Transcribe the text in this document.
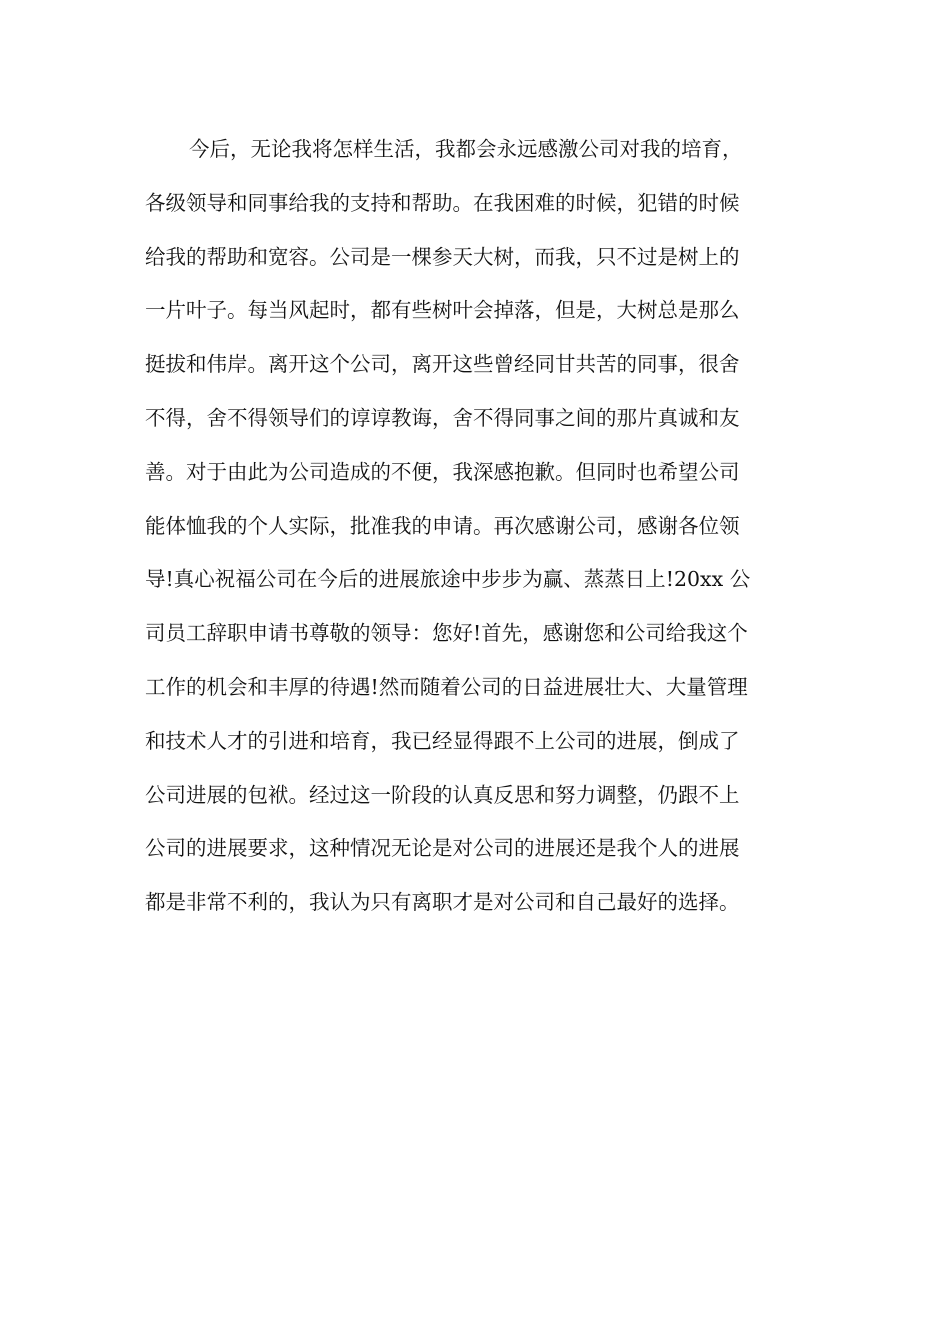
今后，无论我将怎样生活，我都会永远感激公司对我的培育，
各级领导和同事给我的支持和帮助。在我困难的时候，犯错的时候
给我的帮助和宽容。公司是一棵参天大树，而我，只不过是树上的
一片叶子。每当风起时，都有些树叶会掉落，但是，大树总是那么
挺拔和伟岸。离开这个公司，离开这些曾经同甘共苦的同事，很舍
不得，舍不得领导们的谆谆教诲，舍不得同事之间的那片真诚和友
善。对于由此为公司造成的不便，我深感抱歉。但同时也希望公司
能体恤我的个人实际，批准我的申请。再次感谢公司，感谢各位领
导!真心祝福公司在今后的进展旅途中步步为赢、蒸蒸日上!20xx 公
司员工辞职申请书尊敬的领导：您好!首先，感谢您和公司给我这个
工作的机会和丰厚的待遇!然而随着公司的日益进展壮大、大量管理
和技术人才的引进和培育，我已经显得跟不上公司的进展，倒成了
公司进展的包袱。经过这一阶段的认真反思和努力调整，仍跟不上
公司的进展要求，这种情况无论是对公司的进展还是我个人的进展
都是非常不利的，我认为只有离职才是对公司和自己最好的选择。
